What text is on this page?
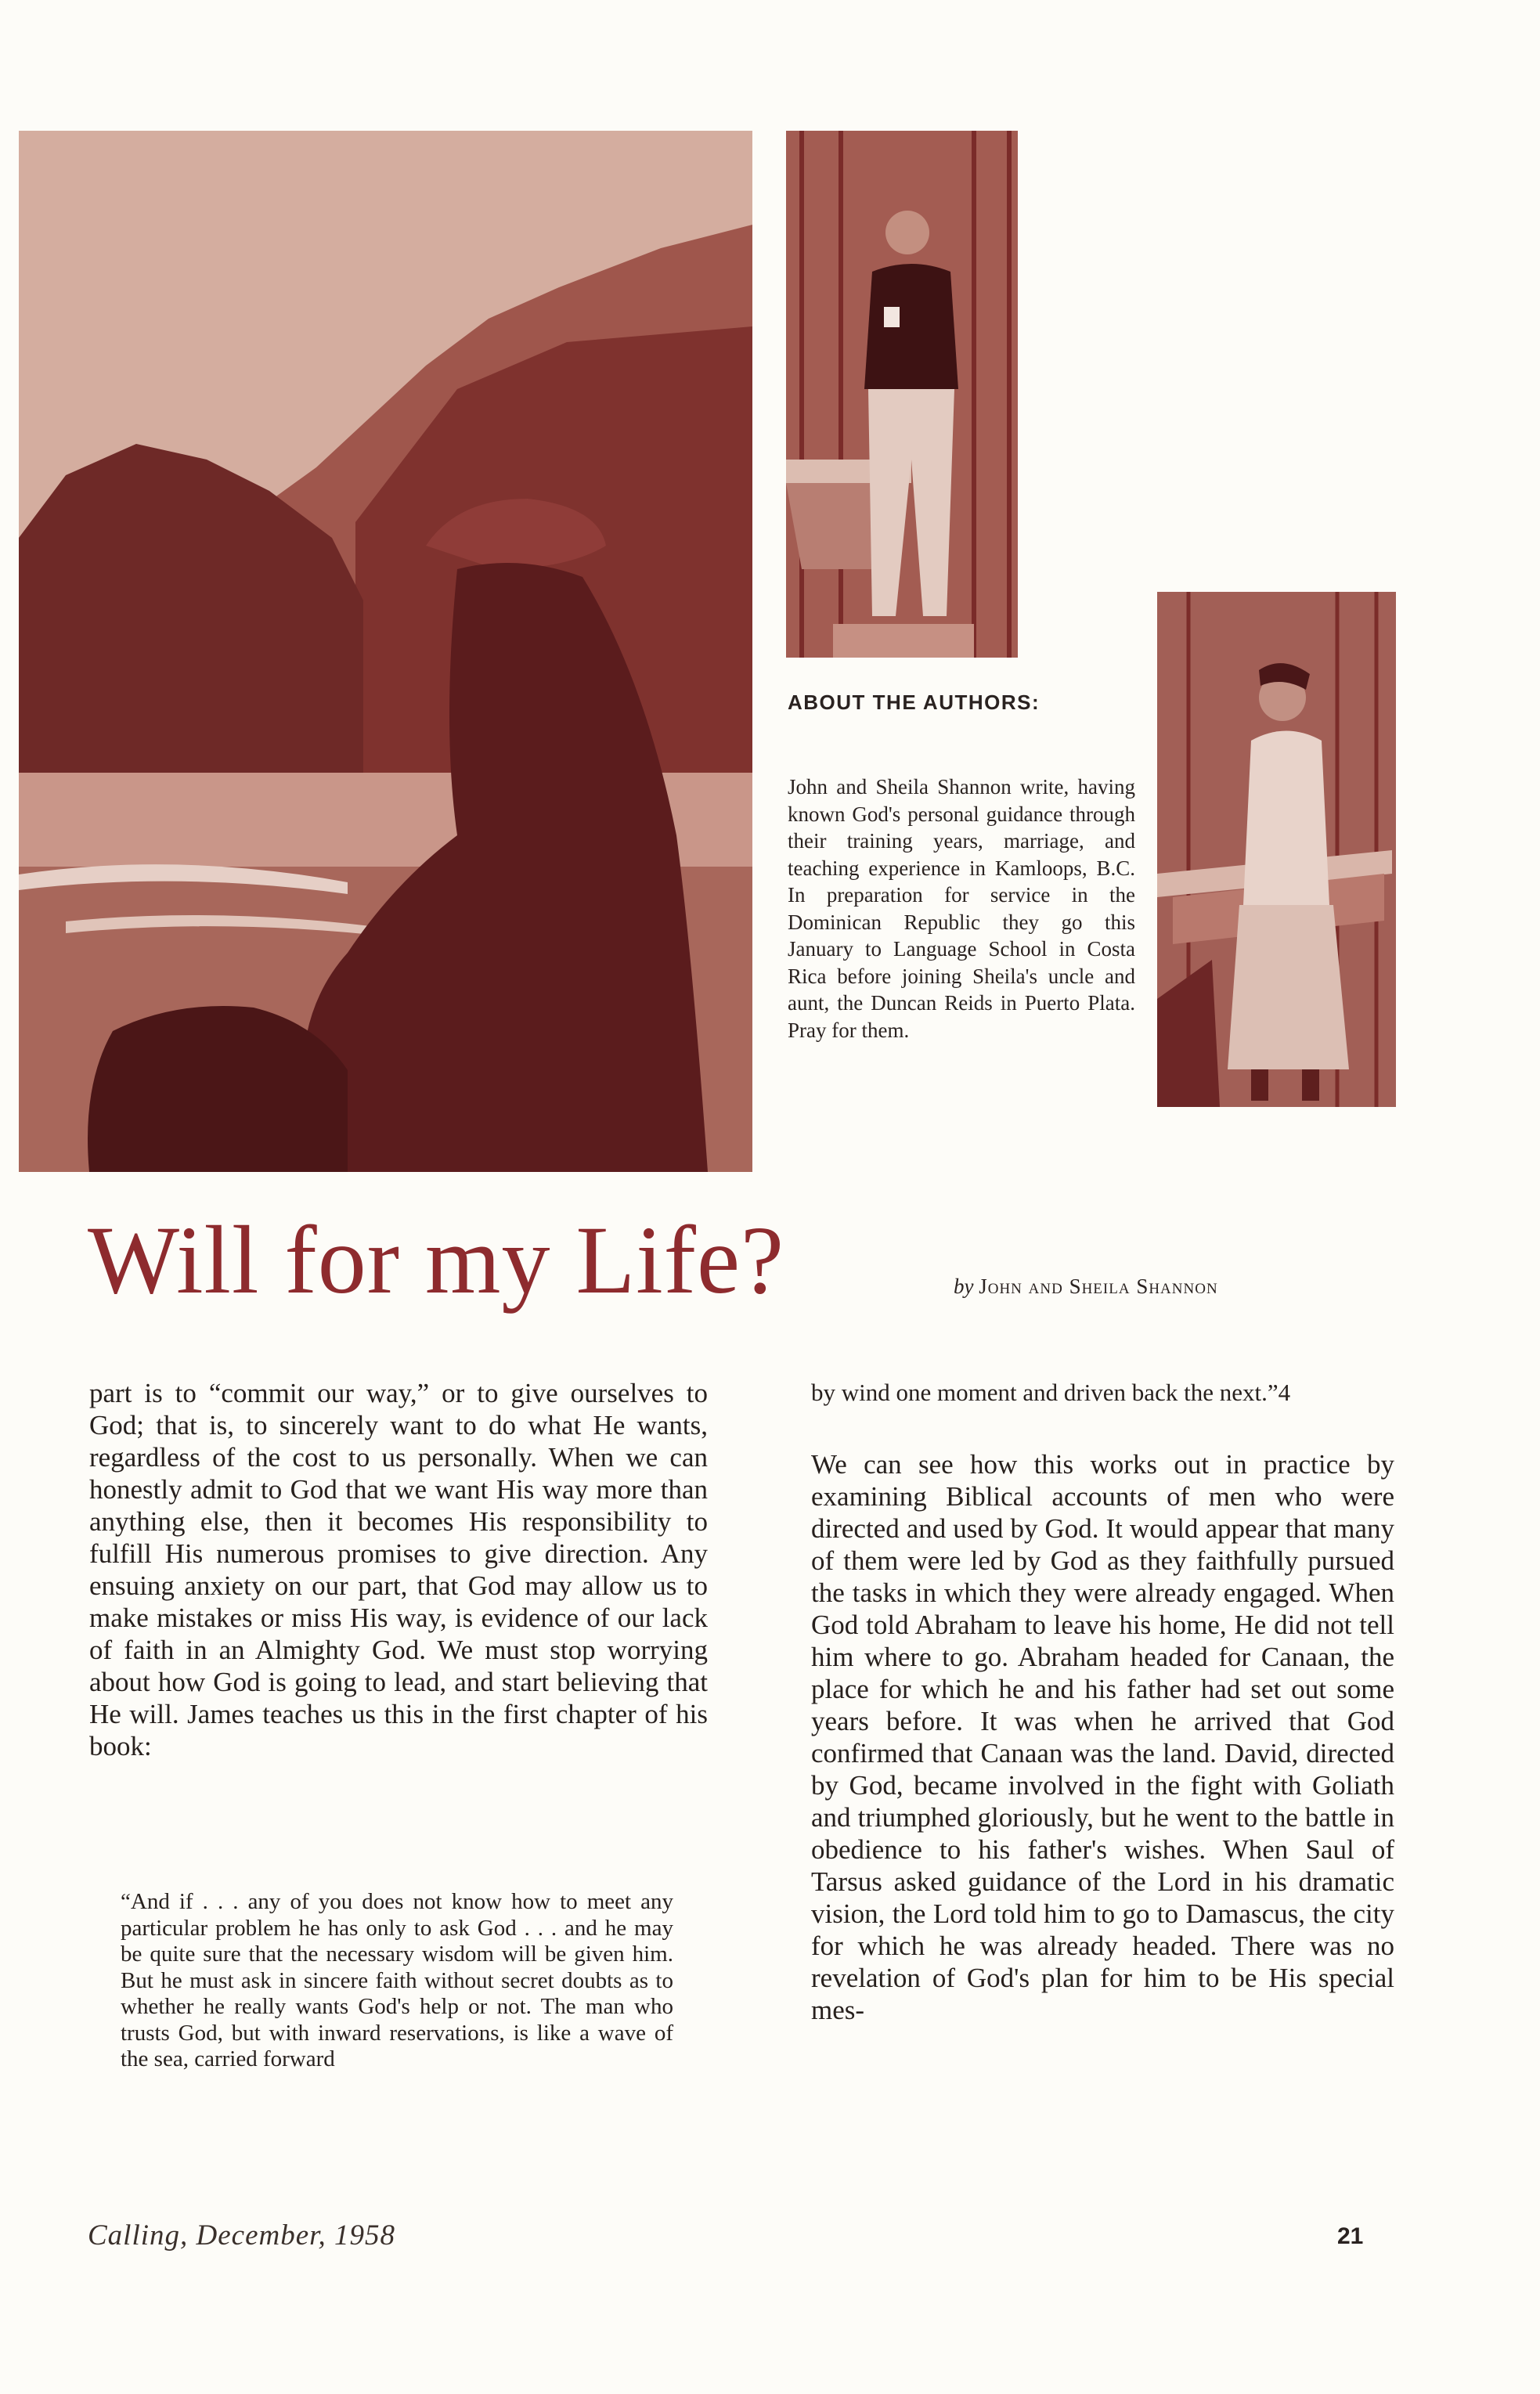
ABOUT THE AUTHORS:
John and Sheila Shannon write, having known God's personal guidance through their training years, marriage, and teaching experience in Kamloops, B.C. In preparation for service in the Dominican Republic they go this January to Language School in Costa Rica before joining Sheila's uncle and aunt, the Duncan Reids in Puerto Plata. Pray for them.
Will for my Life?	by John and Sheila Shannon
part is to “commit our way,” or to give ourselves to God; that is, to sincerely want to do what He wants, regardless of the cost to us personally. When we can honestly admit to God that we want His way more than anything else, then it becomes His responsibility to fulfill His numerous promises to give direction. Any ensuing anxiety on our part, that God may allow us to make mistakes or miss His way, is evidence of our lack of faith in an Almighty God. We must stop worrying about how God is going to lead, and start believing that He will. James teaches us this in the first chapter of his book:
“And if . . . any of you does not know how to meet any particular problem he has only to ask God . . . and he may be quite sure that the necessary wisdom will be given him. But he must ask in sincere faith without secret doubts as to whether he really wants God's help or not. The man who trusts God, but with inward reservations, is like a wave of the sea, carried forward
by wind one moment and driven back the next.”4
We can see how this works out in practice by examining Biblical accounts of men who were directed and used by God. It would appear that many of them were led by God as they faithfully pursued the tasks in which they were already engaged. When God told Abraham to leave his home, He did not tell him where to go. Abraham headed for Canaan, the place for which he and his father had set out some years before. It was when he arrived that God confirmed that Canaan was the land. David, directed by God, became involved in the fight with Goliath and triumphed gloriously, but he went to the battle in obedience to his father's wishes. When Saul of Tarsus asked guidance of the Lord in his dramatic vision, the Lord told him to go to Damascus, the city for which he was already headed. There was no revelation of God's plan for him to be His special mes-
Calling, December, 1958	21
